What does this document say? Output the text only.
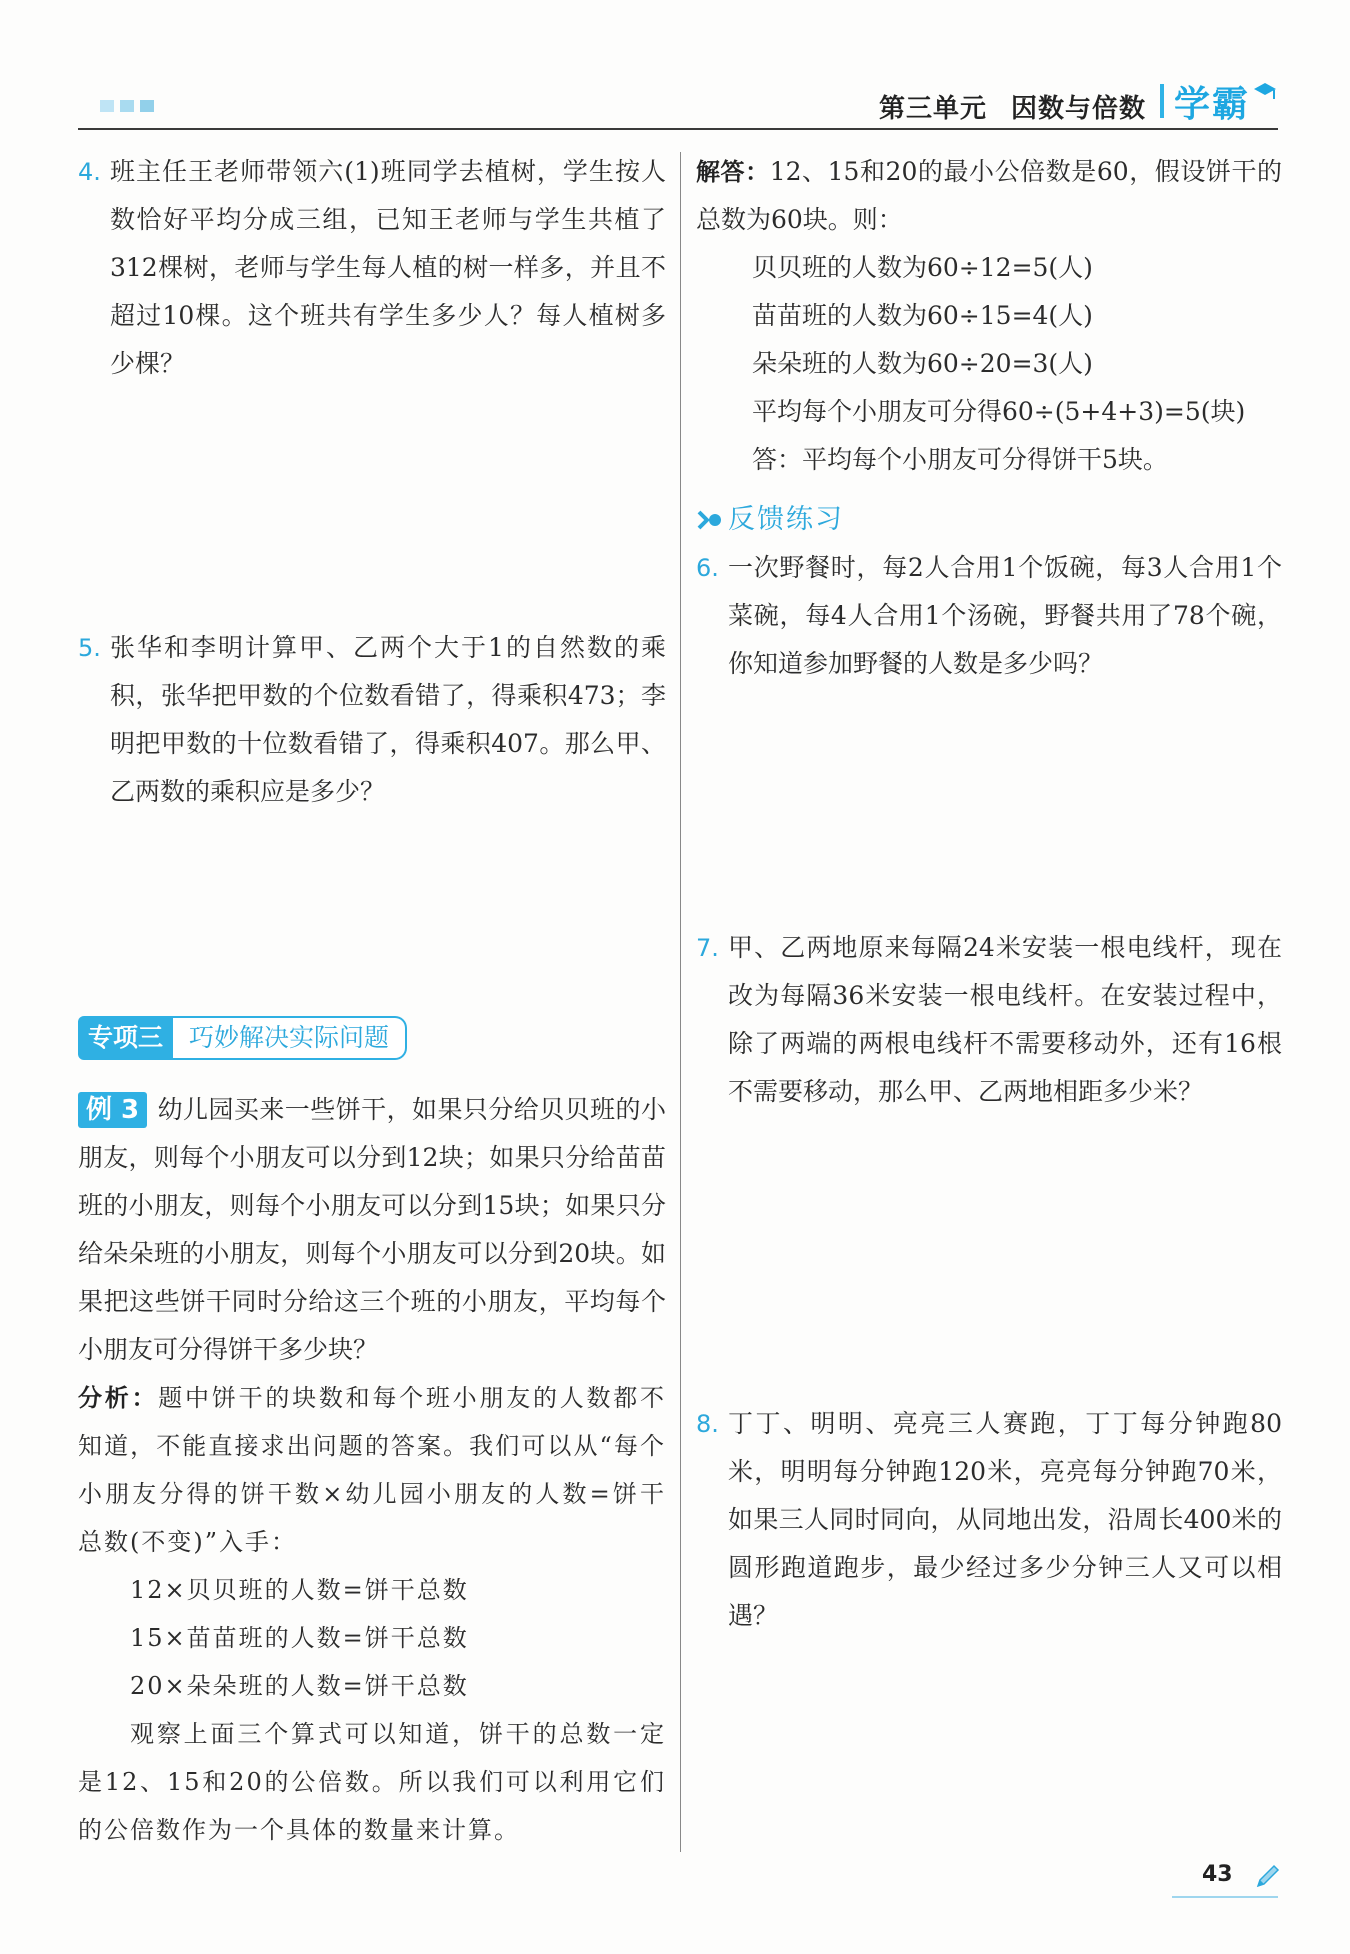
第三单元 因数与倍数 学霸
4. 班主任王老师带领六(1)班同学去植树，学生按人数恰好平均分成三组，已知王老师与学生共植了312棵树，老师与学生每人植的树一样多，并且不超过10棵。这个班共有学生多少人？每人植树多少棵？
5. 张华和李明计算甲、乙两个大于1的自然数的乘积，张华把甲数的个位数看错了，得乘积473；李明把甲数的十位数看错了，得乘积407。那么甲、乙两数的乘积应是多少？
专项三	巧妙解决实际问题
例 3 幼儿园买来一些饼干，如果只分给贝贝班的小朋友，则每个小朋友可以分到12块；如果只分给苗苗班的小朋友，则每个小朋友可以分到15块；如果只分给朵朵班的小朋友，则每个小朋友可以分到20块。如果把这些饼干同时分给这三个班的小朋友，平均每个小朋友可分得饼干多少块？
分析：题中饼干的块数和每个班小朋友的人数都不知道，不能直接求出问题的答案。我们可以从“每个小朋友分得的饼干数×幼儿园小朋友的人数=饼干总数(不变)”入手：
12×贝贝班的人数=饼干总数
15×苗苗班的人数=饼干总数
20×朵朵班的人数=饼干总数
观察上面三个算式可以知道，饼干的总数一定是12、15和20的公倍数。所以我们可以利用它们的公倍数作为一个具体的数量来计算。
解答：12、15和20的最小公倍数是60，假设饼干的总数为60块。则：
贝贝班的人数为60÷12=5(人)
苗苗班的人数为60÷15=4(人)
朵朵班的人数为60÷20=3(人)
平均每个小朋友可分得60÷(5+4+3)=5(块)
答：平均每个小朋友可分得饼干5块。
反馈练习
6. 一次野餐时，每2人合用1个饭碗，每3人合用1个菜碗，每4人合用1个汤碗，野餐共用了78个碗，你知道参加野餐的人数是多少吗？
7. 甲、乙两地原来每隔24米安装一根电线杆，现在改为每隔36米安装一根电线杆。在安装过程中，除了两端的两根电线杆不需要移动外，还有16根不需要移动，那么甲、乙两地相距多少米？
8. 丁丁、明明、亮亮三人赛跑，丁丁每分钟跑80米，明明每分钟跑120米，亮亮每分钟跑70米，如果三人同时同向，从同地出发，沿周长400米的圆形跑道跑步，最少经过多少分钟三人又可以相遇？
43
